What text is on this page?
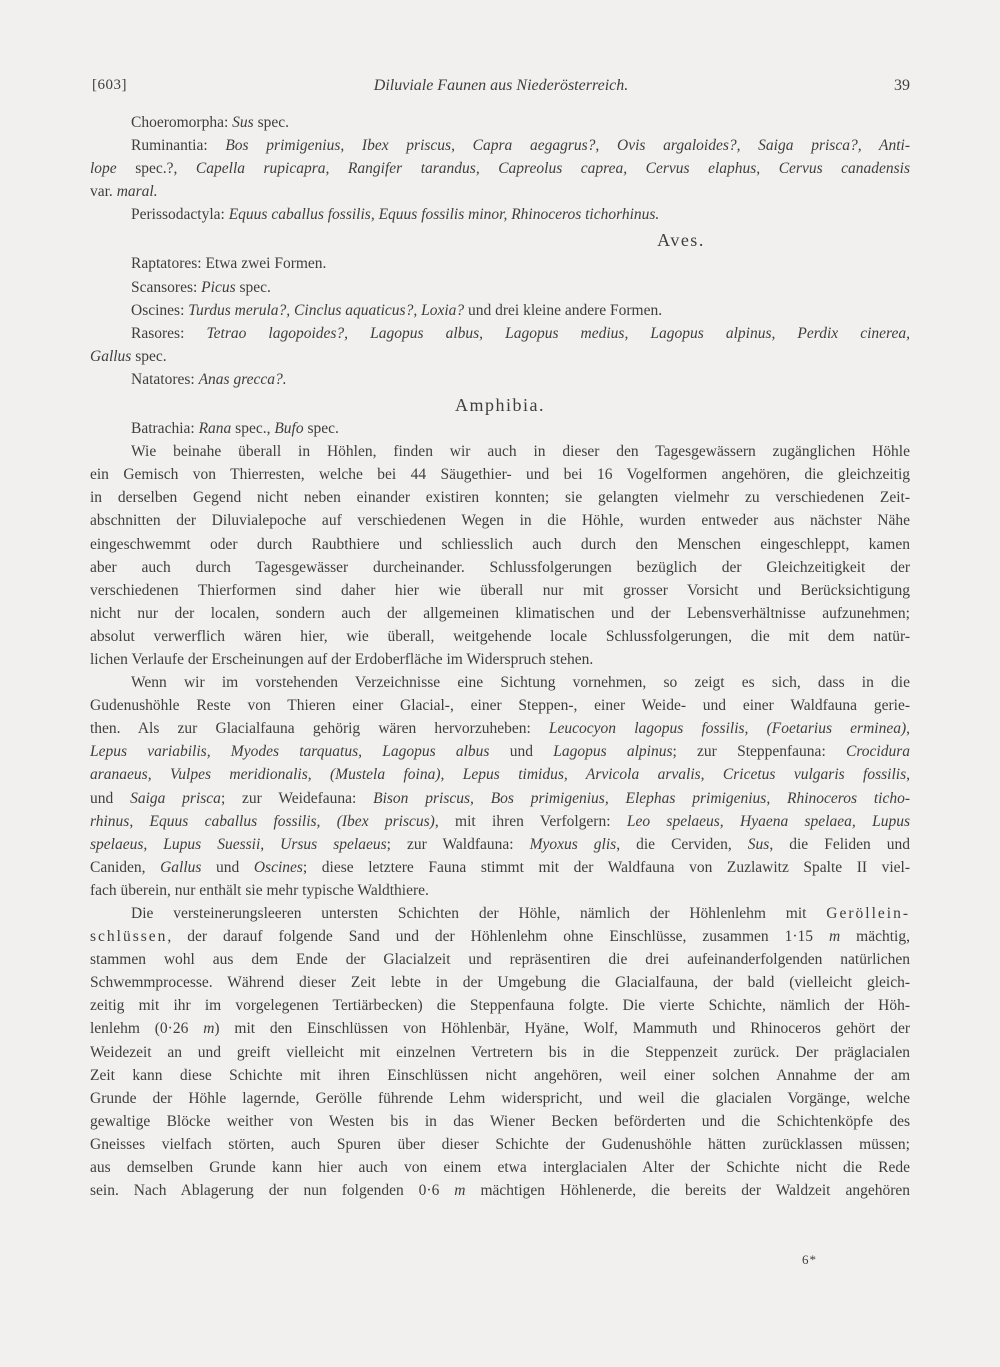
[603]	Diluviale Faunen aus Niederösterreich.	39
Choeromorpha: Sus spec.
Ruminantia: Bos primigenius, Ibex priscus, Capra aegagrus?, Ovis argaloides?, Saiga prisca?, Anti-
lope spec.?, Capella rupicapra, Rangifer tarandus, Capreolus caprea, Cervus elaphus, Cervus canadensis
var. maral.
Perissodactyla: Equus caballus fossilis, Equus fossilis minor, Rhinoceros tichorhinus.
Aves.
Raptatores: Etwa zwei Formen.
Scansores: Picus spec.
Oscines: Turdus merula?, Cinclus aquaticus?, Loxia? und drei kleine andere Formen.
Rasores: Tetrao lagopoides?, Lagopus albus, Lagopus medius, Lagopus alpinus, Perdix cinerea,
Gallus spec.
Natatores: Anas grecca?.
Amphibia.
Batrachia: Rana spec., Bufo spec.
Wie beinahe überall in Höhlen, finden wir auch in dieser den Tagesgewässern zugänglichen Höhle
ein Gemisch von Thierresten, welche bei 44 Säugethier- und bei 16 Vogelformen angehören, die gleichzeitig
in derselben Gegend nicht neben einander existiren konnten; sie gelangten vielmehr zu verschiedenen Zeit-
abschnitten der Diluvialepoche auf verschiedenen Wegen in die Höhle, wurden entweder aus nächster Nähe
eingeschwemmt oder durch Raubthiere und schliesslich auch durch den Menschen eingeschleppt, kamen
aber auch durch Tagesgewässer durcheinander. Schlussfolgerungen bezüglich der Gleichzeitigkeit der
verschiedenen Thierformen sind daher hier wie überall nur mit grosser Vorsicht und Berücksichtigung
nicht nur der localen, sondern auch der allgemeinen klimatischen und der Lebensverhältnisse aufzunehmen;
absolut verwerflich wären hier, wie überall, weitgehende locale Schlussfolgerungen, die mit dem natür-
lichen Verlaufe der Erscheinungen auf der Erdoberfläche im Widerspruch stehen.
Wenn wir im vorstehenden Verzeichnisse eine Sichtung vornehmen, so zeigt es sich, dass in die
Gudenushöhle Reste von Thieren einer Glacial-, einer Steppen-, einer Weide- und einer Waldfauna gerie-
then. Als zur Glacialfauna gehörig wären hervorzuheben: Leucocyon lagopus fossilis, (Foetarius erminea),
Lepus variabilis, Myodes tarquatus, Lagopus albus und Lagopus alpinus; zur Steppenfauna: Crocidura
aranaeus, Vulpes meridionalis, (Mustela foina), Lepus timidus, Arvicola arvalis, Cricetus vulgaris fossilis,
und Saiga prisca; zur Weidefauna: Bison priscus, Bos primigenius, Elephas primigenius, Rhinoceros ticho-
rhinus, Equus caballus fossilis, (Ibex priscus), mit ihren Verfolgern: Leo spelaeus, Hyaena spelaea, Lupus
spelaeus, Lupus Suessii, Ursus spelaeus; zur Waldfauna: Myoxus glis, die Cerviden, Sus, die Feliden und
Caniden, Gallus und Oscines; diese letztere Fauna stimmt mit der Waldfauna von Zuzlawitz Spalte II viel-
fach überein, nur enthält sie mehr typische Waldthiere.
Die versteinerungsleeren untersten Schichten der Höhle, nämlich der Höhlenlehm mit Geröllein-
schlüssen, der darauf folgende Sand und der Höhlenlehm ohne Einschlüsse, zusammen 1·15 m mächtig,
stammen wohl aus dem Ende der Glacialzeit und repräsentiren die drei aufeinanderfolgenden natürlichen
Schwemmprocesse. Während dieser Zeit lebte in der Umgebung die Glacialfauna, der bald (vielleicht gleich-
zeitig mit ihr im vorgelegenen Tertiärbecken) die Steppenfauna folgte. Die vierte Schichte, nämlich der Höh-
lenlehm (0·26 m) mit den Einschlüssen von Höhlenbär, Hyäne, Wolf, Mammuth und Rhinoceros gehört der
Weidezeit an und greift vielleicht mit einzelnen Vertretern bis in die Steppenzeit zurück. Der präglacialen
Zeit kann diese Schichte mit ihren Einschlüssen nicht angehören, weil einer solchen Annahme der am
Grunde der Höhle lagernde, Gerölle führende Lehm widerspricht, und weil die glacialen Vorgänge, welche
gewaltige Blöcke weither von Westen bis in das Wiener Becken beförderten und die Schichtenköpfe des
Gneisses vielfach störten, auch Spuren über dieser Schichte der Gudenushöhle hätten zurücklassen müssen;
aus demselben Grunde kann hier auch von einem etwa interglacialen Alter der Schichte nicht die Rede
sein. Nach Ablagerung der nun folgenden 0·6 m mächtigen Höhlenerde, die bereits der Waldzeit angehören
6*
